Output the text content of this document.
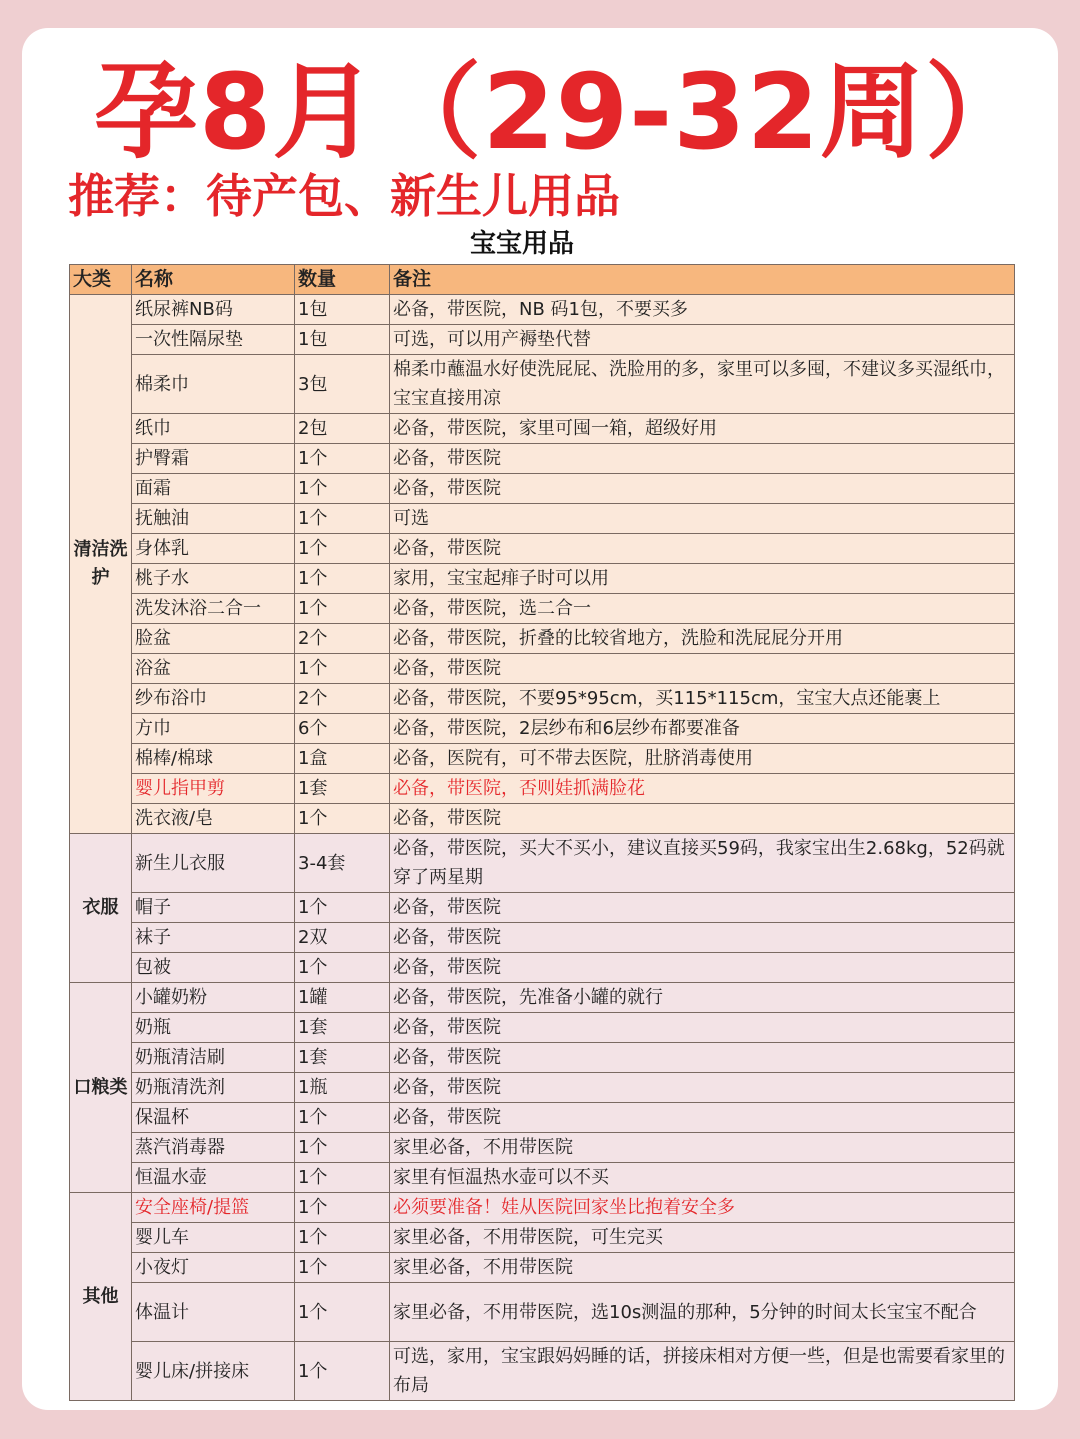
孕8月（29-32周）
推荐：待产包、新生儿用品
宝宝用品
大类	名称	数量	备注
清洁洗护	纸尿裤NB码	1包	必备，带医院，NB 码1包，不要买多
	一次性隔尿垫	1包	可选，可以用产褥垫代替
	棉柔巾	3包	棉柔巾蘸温水好使洗屁屁、洗脸用的多，家里可以多囤，不建议多买湿纸巾，宝宝直接用凉
	纸巾	2包	必备，带医院，家里可囤一箱，超级好用
	护臀霜	1个	必备，带医院
	面霜	1个	必备，带医院
	抚触油	1个	可选
	身体乳	1个	必备，带医院
	桃子水	1个	家用，宝宝起痱子时可以用
	洗发沐浴二合一	1个	必备，带医院，选二合一
	脸盆	2个	必备，带医院，折叠的比较省地方，洗脸和洗屁屁分开用
	浴盆	1个	必备，带医院
	纱布浴巾	2个	必备，带医院，不要95*95cm，买115*115cm，宝宝大点还能裹上
	方巾	6个	必备，带医院，2层纱布和6层纱布都要准备
	棉棒/棉球	1盒	必备，医院有，可不带去医院，肚脐消毒使用
	婴儿指甲剪	1套	必备，带医院，否则娃抓满脸花
	洗衣液/皂	1个	必备，带医院
衣服	新生儿衣服	3-4套	必备，带医院，买大不买小，建议直接买59码，我家宝出生2.68kg，52码就穿了两星期
	帽子	1个	必备，带医院
	袜子	2双	必备，带医院
	包被	1个	必备，带医院
口粮类	小罐奶粉	1罐	必备，带医院，先准备小罐的就行
	奶瓶	1套	必备，带医院
	奶瓶清洁刷	1套	必备，带医院
	奶瓶清洗剂	1瓶	必备，带医院
	保温杯	1个	必备，带医院
	蒸汽消毒器	1个	家里必备，不用带医院
	恒温水壶	1个	家里有恒温热水壶可以不买
其他	安全座椅/提篮	1个	必须要准备！娃从医院回家坐比抱着安全多
	婴儿车	1个	家里必备，不用带医院，可生完买
	小夜灯	1个	家里必备，不用带医院
	体温计	1个	家里必备，不用带医院，选10s测温的那种，5分钟的时间太长宝宝不配合
	婴儿床/拼接床	1个	可选，家用，宝宝跟妈妈睡的话，拼接床相对方便一些，但是也需要看家里的布局
